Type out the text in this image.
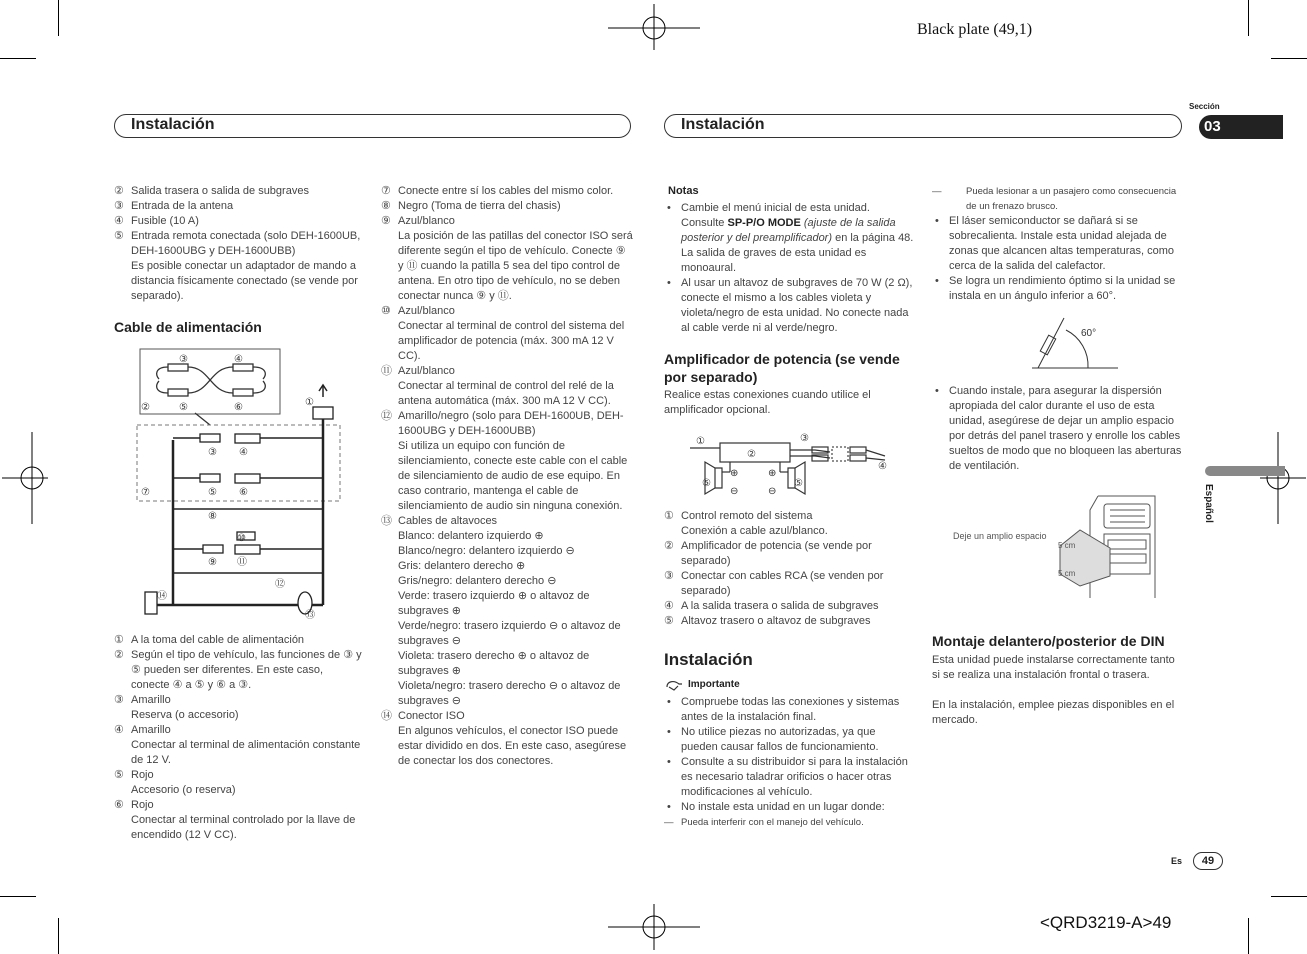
Black plate (49,1)
Instalación	Instalación
Sección
03
Español
② Salida trasera o salida de subgraves
③ Entrada de la antena
④ Fusible (10 A)
⑤ Entrada remota conectada (solo DEH-1600UB, DEH-1600UBG y DEH-1600UBB)
Es posible conectar un adaptador de mando a distancia físicamente conectado (se vende por separado).
Cable de alimentación
③	④
②	⑤	⑥	①
③ ④
⑦	⑤ ⑥
⑧
⑩
⑨ ⑪
⑫
⑭
⑬
① A la toma del cable de alimentación
② Según el tipo de vehículo, las funciones de ③ y ⑤ pueden ser diferentes. En este caso, conecte ④ a ⑤ y ⑥ a ③.
③ Amarillo
Reserva (o accesorio)
④ Amarillo
Conectar al terminal de alimentación constante de 12 V.
⑤ Rojo
Accesorio (o reserva)
⑥ Rojo
Conectar al terminal controlado por la llave de encendido (12 V CC).
⑦ Conecte entre sí los cables del mismo color.
⑧ Negro (Toma de tierra del chasis)
⑨ Azul/blanco
La posición de las patillas del conector ISO será diferente según el tipo de vehículo. Conecte ⑨ y ⑪ cuando la patilla 5 sea del tipo control de antena. En otro tipo de vehículo, no se deben conectar nunca ⑨ y ⑪.
⑩ Azul/blanco
Conectar al terminal de control del sistema del amplificador de potencia (máx. 300 mA 12 V CC).
⑪ Azul/blanco
Conectar al terminal de control del relé de la antena automática (máx. 300 mA 12 V CC).
⑫ Amarillo/negro (solo para DEH-1600UB, DEH-1600UBG y DEH-1600UBB)
Si utiliza un equipo con función de silenciamiento, conecte este cable con el cable de silenciamiento de audio de ese equipo. En caso contrario, mantenga el cable de silenciamiento de audio sin ninguna conexión.
⑬ Cables de altavoces
Blanco: delantero izquierdo ⊕
Blanco/negro: delantero izquierdo ⊖
Gris: delantero derecho ⊕
Gris/negro: delantero derecho ⊖
Verde: trasero izquierdo ⊕ o altavoz de subgraves ⊕
Verde/negro: trasero izquierdo ⊖ o altavoz de subgraves ⊖
Violeta: trasero derecho ⊕ o altavoz de subgraves ⊕
Violeta/negro: trasero derecho ⊖ o altavoz de subgraves ⊖
⑭ Conector ISO
En algunos vehículos, el conector ISO puede estar dividido en dos. En este caso, asegúrese de conectar los dos conectores.
Notas
• Cambie el menú inicial de esta unidad. Consulte SP-P/O MODE (ajuste de la salida posterior y del preamplificador) en la página 48. La salida de graves de esta unidad es monoaural.
• Al usar un altavoz de subgraves de 70 W (2 Ω), conecte el mismo a los cables violeta y violeta/negro de esta unidad. No conecte nada al cable verde ni al verde/negro.
Amplificador de potencia (se vende por separado)
Realice estas conexiones cuando utilice el amplificador opcional.
①
②
③
④
⑤	⑤
⊕	⊕
⊖	⊖
① Control remoto del sistema
Conexión a cable azul/blanco.
② Amplificador de potencia (se vende por separado)
③ Conectar con cables RCA (se venden por separado)
④ A la salida trasera o salida de subgraves
⑤ Altavoz trasero o altavoz de subgraves
Instalación
Importante
• Compruebe todas las conexiones y sistemas antes de la instalación final.
• No utilice piezas no autorizadas, ya que pueden causar fallos de funcionamiento.
• Consulte a su distribuidor si para la instalación es necesario taladrar orificios o hacer otras modificaciones al vehículo.
• No instale esta unidad en un lugar donde:
— Pueda interferir con el manejo del vehículo.
— Pueda lesionar a un pasajero como consecuencia de un frenazo brusco.
• El láser semiconductor se dañará si se sobrecalienta. Instale esta unidad alejada de zonas que alcancen altas temperaturas, como cerca de la salida del calefactor.
• Se logra un rendimiento óptimo si la unidad se instala en un ángulo inferior a 60°.
60°
• Cuando instale, para asegurar la dispersión apropiada del calor durante el uso de esta unidad, asegúrese de dejar un amplio espacio por detrás del panel trasero y enrolle los cables sueltos de modo que no bloqueen las aberturas de ventilación.
5 cm
5 cm
Deje un amplio espacio
Montaje delantero/posterior de DIN
Esta unidad puede instalarse correctamente tanto si se realiza una instalación frontal o trasera.
En la instalación, emplee piezas disponibles en el mercado.
Es	49
<QRD3219-A>49
